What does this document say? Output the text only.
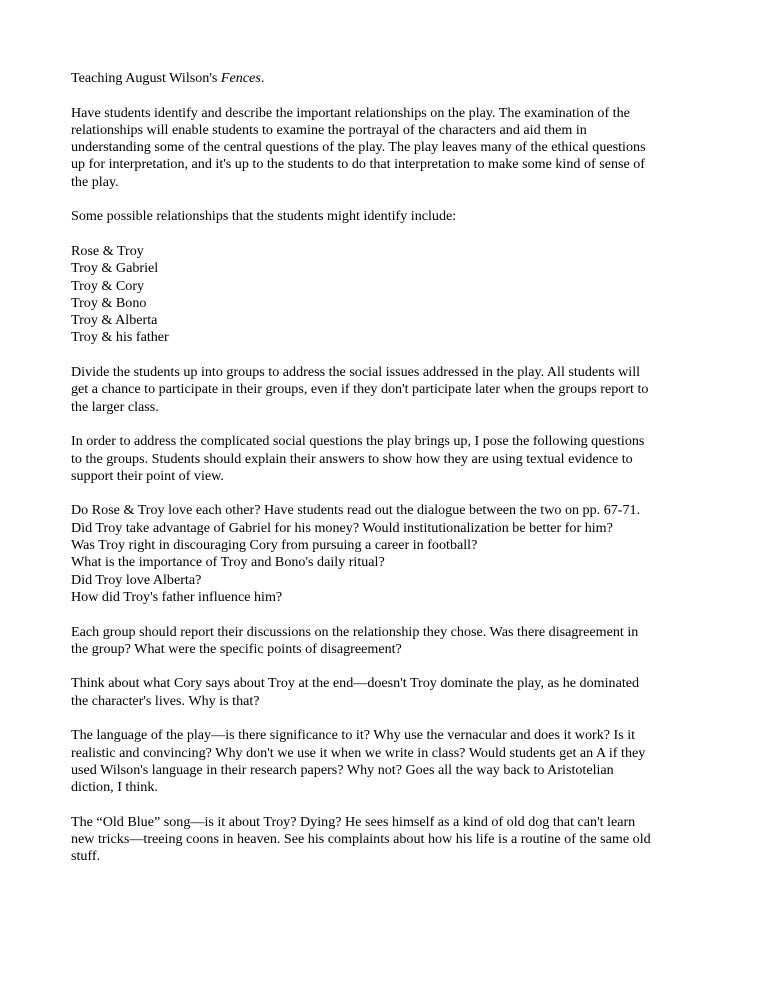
Teaching August Wilson's Fences.

Have students identify and describe the important relationships on the play. The examination of the
relationships will enable students to examine the portrayal of the characters and aid them in
understanding some of the central questions of the play. The play leaves many of the ethical questions
up for interpretation, and it's up to the students to do that interpretation to make some kind of sense of
the play.

Some possible relationships that the students might identify include:

Rose & Troy
Troy & Gabriel
Troy & Cory
Troy & Bono
Troy & Alberta
Troy & his father

Divide the students up into groups to address the social issues addressed in the play. All students will
get a chance to participate in their groups, even if they don't participate later when the groups report to
the larger class.

In order to address the complicated social questions the play brings up, I pose the following questions
to the groups. Students should explain their answers to show how they are using textual evidence to
support their point of view.

Do Rose & Troy love each other? Have students read out the dialogue between the two on pp. 67-71.
Did Troy take advantage of Gabriel for his money? Would institutionalization be better for him?
Was Troy right in discouraging Cory from pursuing a career in football?
What is the importance of Troy and Bono's daily ritual?
Did Troy love Alberta?
How did Troy's father influence him?

Each group should report their discussions on the relationship they chose. Was there disagreement in
the group? What were the specific points of disagreement?

Think about what Cory says about Troy at the end—doesn't Troy dominate the play, as he dominated
the character's lives. Why is that?

The language of the play—is there significance to it? Why use the vernacular and does it work? Is it
realistic and convincing? Why don't we use it when we write in class? Would students get an A if they
used Wilson's language in their research papers? Why not? Goes all the way back to Aristotelian
diction, I think.

The “Old Blue” song—is it about Troy? Dying? He sees himself as a kind of old dog that can't learn
new tricks—treeing coons in heaven. See his complaints about how his life is a routine of the same old
stuff.
